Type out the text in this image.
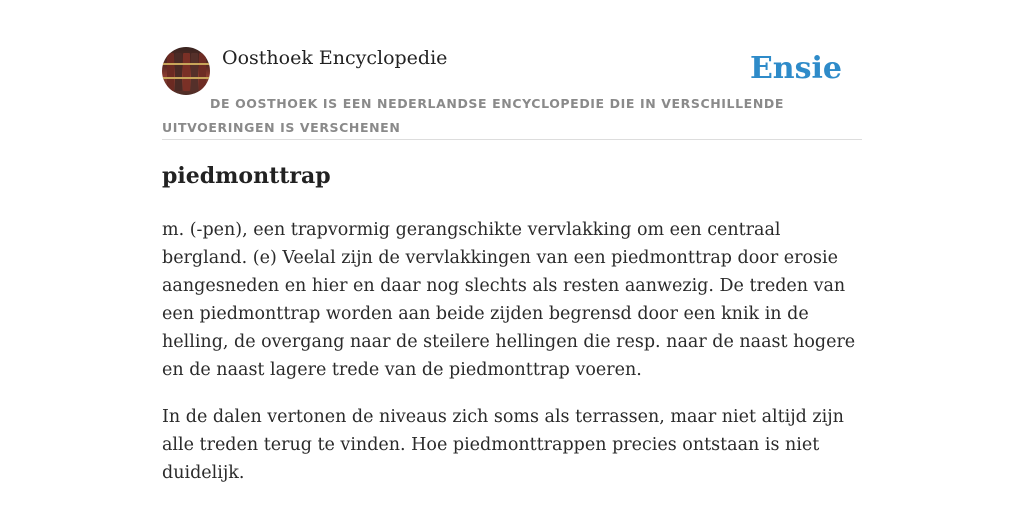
Oosthoek Encyclopedie	Ensie
DE OOSTHOEK IS EEN NEDERLANDSE ENCYCLOPEDIE DIE IN VERSCHILLENDE UITVOERINGEN IS VERSCHENEN
piedmonttrap

m. (-pen), een trapvormig gerangschikte vervlakking om een centraal bergland. (e) Veelal zijn de vervlakkingen van een piedmonttrap door erosie aangesneden en hier en daar nog slechts als resten aanwezig. De treden van een piedmonttrap worden aan beide zijden begrensd door een knik in de helling, de overgang naar de steilere hellingen die resp. naar de naast hogere en de naast lagere trede van de piedmonttrap voeren.

In de dalen vertonen de niveaus zich soms als terrassen, maar niet altijd zijn alle treden terug te vinden. Hoe piedmonttrappen precies ontstaan is niet duidelijk.
